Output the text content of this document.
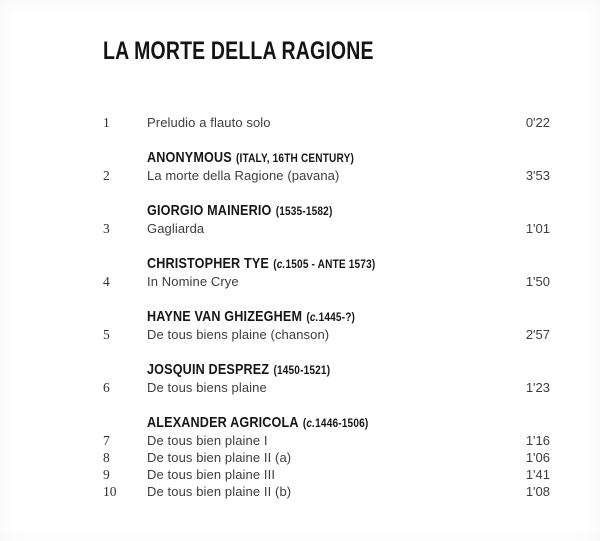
LA MORTE DELLA RAGIONE
1	Preludio a flauto solo	0'22
ANONYMOUS (ITALY, 16TH CENTURY)
2	La morte della Ragione (pavana)	3'53
GIORGIO MAINERIO (1535-1582)
3	Gagliarda	1'01
CHRISTOPHER TYE (c.1505 - ANTE 1573)
4	In Nomine Crye	1'50
HAYNE VAN GHIZEGHEM (c.1445-?)
5	De tous biens plaine (chanson)	2'57
JOSQUIN DESPREZ (1450-1521)
6	De tous biens plaine	1'23
ALEXANDER AGRICOLA (c.1446-1506)
7	De tous bien plaine I	1'16
8	De tous bien plaine II (a)	1'06
9	De tous bien plaine III	1'41
10	De tous bien plaine II (b)	1'08
